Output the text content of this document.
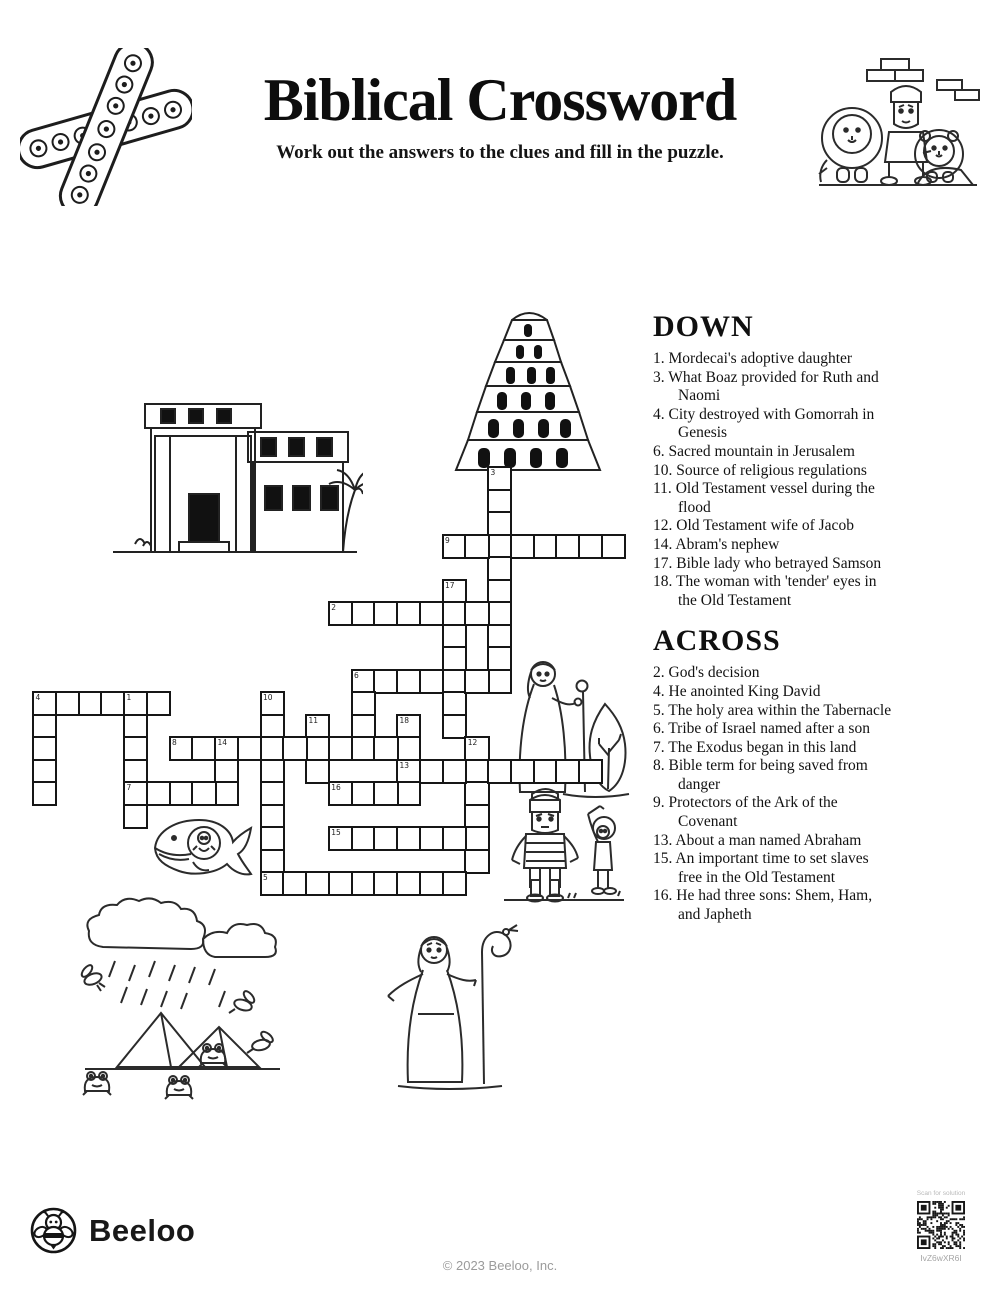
Biblical Crossword
Work out the answers to the clues and fill in the puzzle.
3
9
17
2
6
4	1
7
10
5
11	18
13
8	14	12
16
15
DOWN
1. Mordecai's adoptive daughter
3. What Boaz provided for Ruth and Naomi
4. City destroyed with Gomorrah in Genesis
6. Sacred mountain in Jerusalem
10. Source of religious regulations
11. Old Testament vessel during the flood
12. Old Testament wife of Jacob
14. Abram's nephew
17. Bible lady who betrayed Samson
18. The woman with 'tender' eyes in the Old Testament
ACROSS
2. God's decision
4. He anointed King David
5. The holy area within the Tabernacle
6. Tribe of Israel named after a son
7. The Exodus began in this land
8. Bible term for being saved from danger
9. Protectors of the Ark of the Covenant
13. About a man named Abraham
15. An important time to set slaves free in the Old Testament
16. He had three sons: Shem, Ham, and Japheth
Beeloo
© 2023 Beeloo, Inc.
Scan for solution
IvZ6wXR6I
